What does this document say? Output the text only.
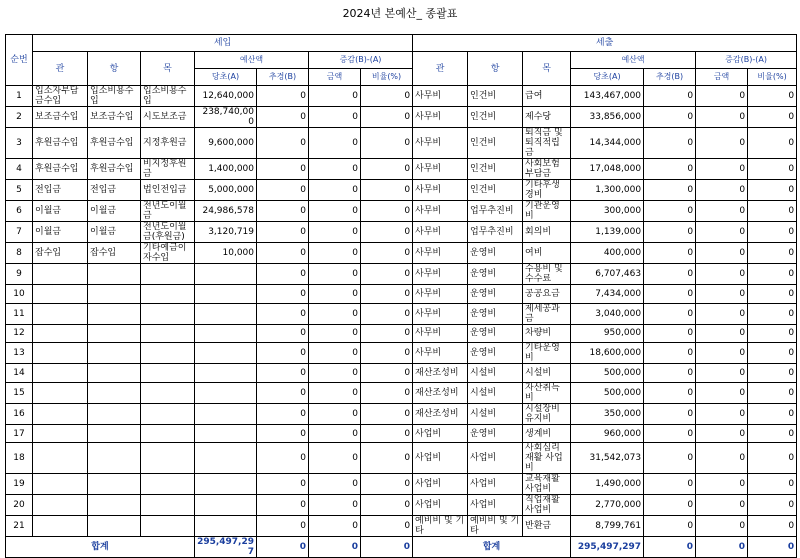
2024년 본예산_ 종괄표
순번	세입							세출						
	관	항	목	예산액		증감(B)-(A)		관	항	목	예산액		증감(B)-(A)	
				당초(A)	추경(B)	금액	비율(%)				당초(A)	추경(B)	금액	비율(%)
1	입소자부담금수입	입소비용수입	입소비용수입	12,640,000	0	0	0	사무비	인건비	급여	143,467,000	0	0	0
2	보조금수입	보조금수입	시도보조금	238,740,000	0	0	0	사무비	인건비	제수당	33,856,000	0	0	0
3	후원금수입	후원금수입	지정후원금	9,600,000	0	0	0	사무비	인건비	퇴직금 및 퇴직적립금	14,344,000	0	0	0
4	후원금수입	후원금수입	비지정후원금	1,400,000	0	0	0	사무비	인건비	사회보험부담금	17,048,000	0	0	0
5	전입금	전입금	법인전입금	5,000,000	0	0	0	사무비	인건비	기타후생경비	1,300,000	0	0	0
6	이월금	이월금	전년도이월금	24,986,578	0	0	0	사무비	업무추진비	기관운영비	300,000	0	0	0
7	이월금	이월금	전년도이월금(후원금)	3,120,719	0	0	0	사무비	업무추진비	회의비	1,139,000	0	0	0
8	잡수입	잡수입	기타예금이자수입	10,000	0	0	0	사무비	운영비	여비	400,000	0	0	0
9					0	0	0	사무비	운영비	수용비 및 수수료	6,707,463	0	0	0
10					0	0	0	사무비	운영비	공공요금	7,434,000	0	0	0
11					0	0	0	사무비	운영비	제세공과금	3,040,000	0	0	0
12					0	0	0	사무비	운영비	차량비	950,000	0	0	0
13					0	0	0	사무비	운영비	기타운영비	18,600,000	0	0	0
14					0	0	0	재산조성비	시설비	시설비	500,000	0	0	0
15					0	0	0	재산조성비	시설비	자산취득비	500,000	0	0	0
16					0	0	0	재산조성비	시설비	시설장비유지비	350,000	0	0	0
17					0	0	0	사업비	운영비	생계비	960,000	0	0	0
18					0	0	0	사업비	사업비	사회심리 재활 사업비	31,542,073	0	0	0
19					0	0	0	사업비	사업비	교육재활 사업비	1,490,000	0	0	0
20					0	0	0	사업비	사업비	직업재활 사업비	2,770,000	0	0	0
21					0	0	0	예비비 및 기타	예비비 및 기타	반환금	8,799,761	0	0	0
합계				295,497,297	0	0	0	합계			295,497,297	0	0	0
